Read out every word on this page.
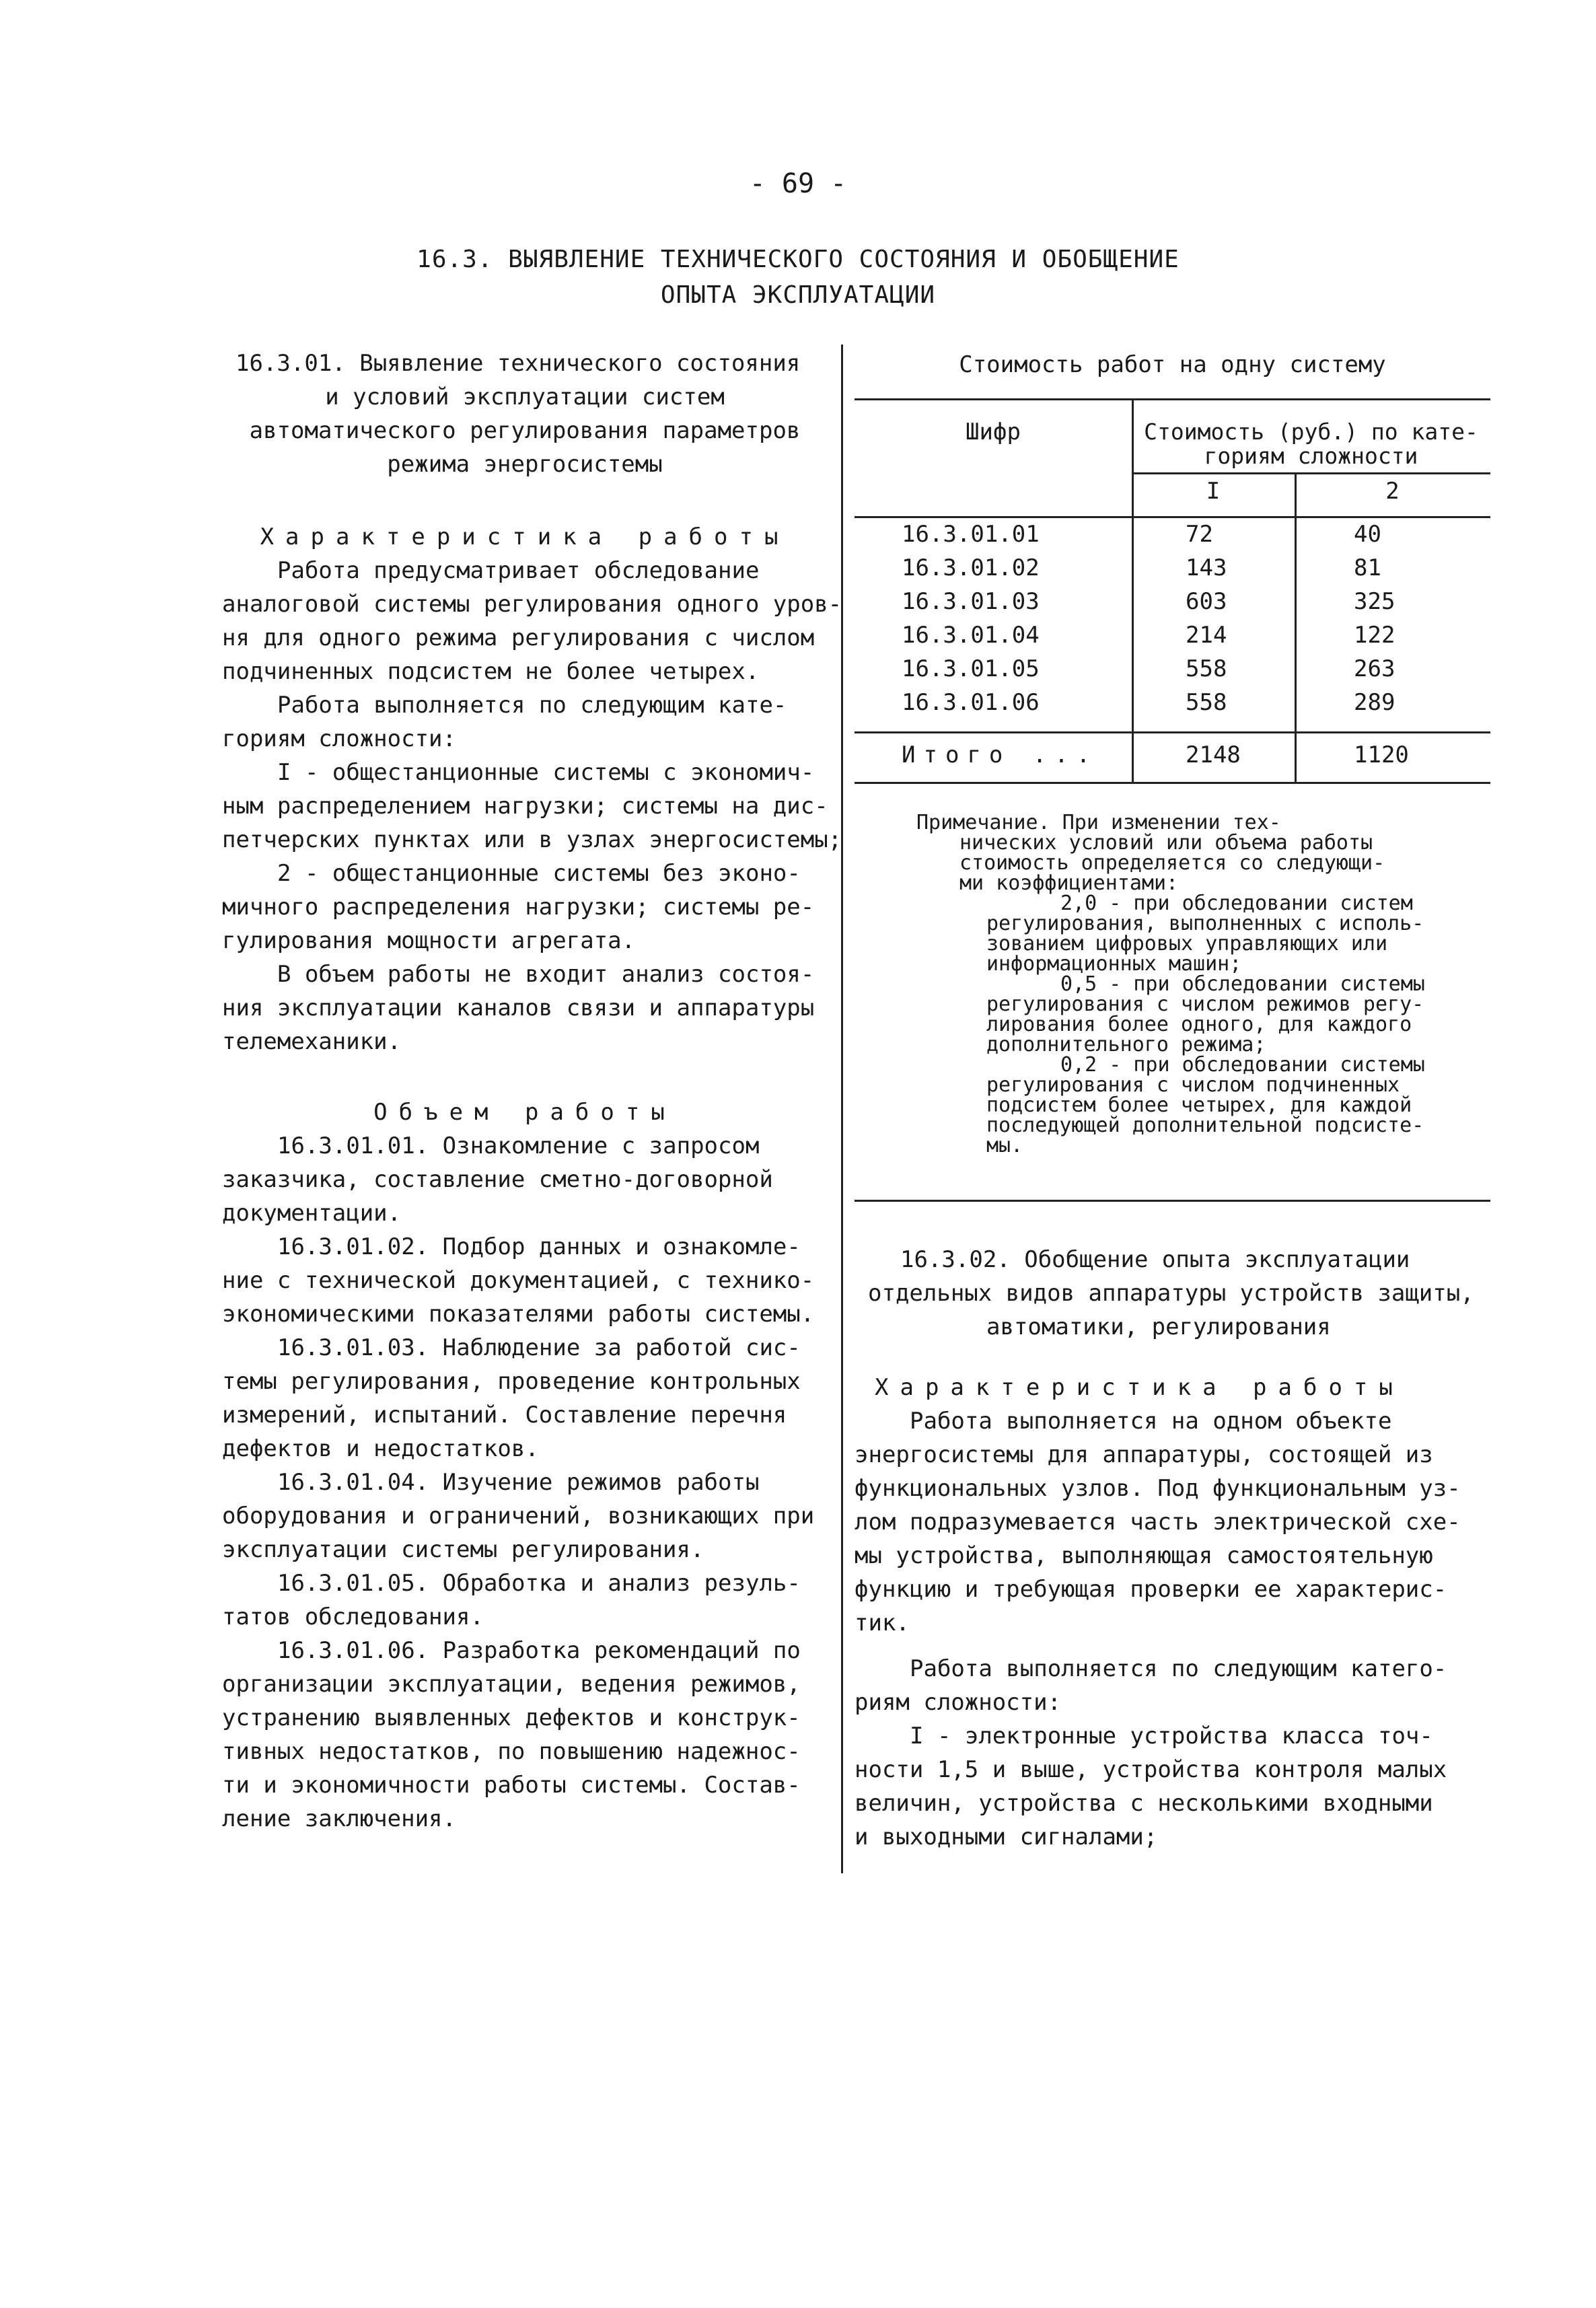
- 69 -
16.3. ВЫЯВЛЕНИЕ ТЕХНИЧЕСКОГО СОСТОЯНИЯ И ОБОБЩЕНИЕ
ОПЫТА ЭКСПЛУАТАЦИИ
16.3.01. Выявление технического состояния
и условий эксплуатации систем
автоматического регулирования параметров
режима энергосистемы
Характеристика работы
Работа предусматривает обследование
аналоговой системы регулирования одного уров-
ня для одного режима регулирования с числом
подчиненных подсистем не более четырех.
Работа выполняется по следующим кате-
гориям сложности:
I - общестанционные системы с экономич-
ным распределением нагрузки; системы на дис-
петчерских пунктах или в узлах энергосистемы;
2 - общестанционные системы без эконо-
мичного распределения нагрузки; системы ре-
гулирования мощности агрегата.
В объем работы не входит анализ состоя-
ния эксплуатации каналов связи и аппаратуры
телемеханики.
Объем работы
16.3.01.01. Ознакомление с запросом
заказчика, составление сметно-договорной
документации.
16.3.01.02. Подбор данных и ознакомле-
ние с технической документацией, с технико-
экономическими показателями работы системы.
16.3.01.03. Наблюдение за работой сис-
темы регулирования, проведение контрольных
измерений, испытаний. Составление перечня
дефектов и недостатков.
16.3.01.04. Изучение режимов работы
оборудования и ограничений, возникающих при
эксплуатации системы регулирования.
16.3.01.05. Обработка и анализ резуль-
татов обследования.
16.3.01.06. Разработка рекомендаций по
организации эксплуатации, ведения режимов,
устранению выявленных дефектов и конструк-
тивных недостатков, по повышению надежнос-
ти и экономичности работы системы. Состав-
ление заключения.
Стоимость работ на одну систему
Шифр	Стоимость (руб.) по кате-
гориям сложности
I	2
16.3.01.01	72	40
16.3.01.02	143	81
16.3.01.03	603	325
16.3.01.04	214	122
16.3.01.05	558	263
16.3.01.06	558	289
Итого ...	2148	1120
Примечание. При изменении тех-
нических условий или объема работы
стоимость определяется со следующи-
ми коэффициентами:
2,0 - при обследовании систем
регулирования, выполненных с исполь-
зованием цифровых управляющих или
информационных машин;
0,5 - при обследовании системы
регулирования с числом режимов регу-
лирования более одного, для каждого
дополнительного режима;
0,2 - при обследовании системы
регулирования с числом подчиненных
подсистем более четырех, для каждой
последующей дополнительной подсисте-
мы.
16.3.02. Обобщение опыта эксплуатации
отдельных видов аппаратуры устройств защиты,
автоматики, регулирования
Характеристика работы
Работа выполняется на одном объекте
энергосистемы для аппаратуры, состоящей из
функциональных узлов. Под функциональным уз-
лом подразумевается часть электрической схе-
мы устройства, выполняющая самостоятельную
функцию и требующая проверки ее характерис-
тик.
Работа выполняется по следующим катего-
риям сложности:
I - электронные устройства класса точ-
ности 1,5 и выше, устройства контроля малых
величин, устройства с несколькими входными
и выходными сигналами;
